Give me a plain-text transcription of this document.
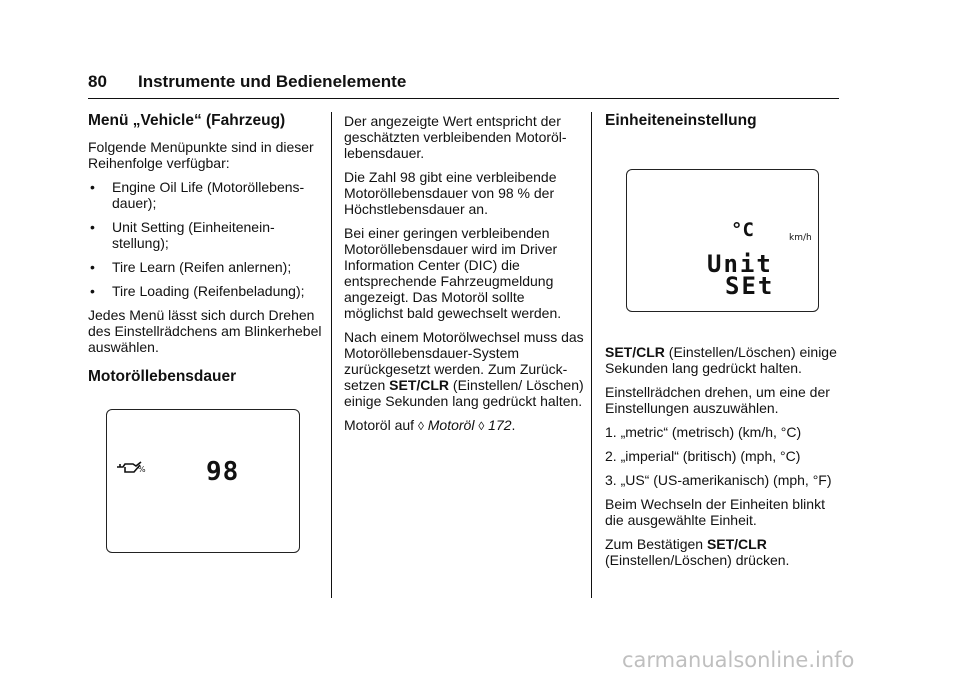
80 Instrumente und Bedienelemente
Menü „Vehicle“ (Fahrzeug)

Folgende Menüpunkte sind in dieser Reihenfolge verfügbar:

•	Engine Oil Life (Motoröllebensdauer);
•	Unit Setting (Einheiteneinstellung);
•	Tire Learn (Reifen anlernen);
•	Tire Loading (Reifenbeladung);

Jedes Menü lässt sich durch Drehen des Einstellrädchens am Blinkerhebel auswählen.

Motoröllebensdauer
% 98

Der angezeigte Wert entspricht der geschätzten verbleibenden Motoröllebensdauer.

Die Zahl 98 gibt eine verbleibende Motoröllebensdauer von 98 % der Höchstlebensdauer an.

Bei einer geringen verbleibenden Motoröllebensdauer wird im Driver Information Center (DIC) die entsprechende Fahrzeugmeldung angezeigt. Das Motoröl sollte möglichst bald gewechselt werden.

Nach einem Motorölwechsel muss das Motoröllebensdauer-System zurückgesetzt werden. Zum Zurücksetzen SET/CLR (Einstellen/ Löschen) einige Sekunden lang gedrückt halten.

Motoröl auf ◊ Motoröl ◊ 172.

Einheiteneinstellung
°C	km/h
Unit
SEt

SET/CLR (Einstellen/Löschen) einige Sekunden lang gedrückt halten.

Einstellrädchen drehen, um eine der Einstellungen auszuwählen.

1. „metric“ (metrisch) (km/h, °C)

2. „imperial“ (britisch) (mph, °C)

3. „US“ (US-amerikanisch) (mph, °F)

Beim Wechseln der Einheiten blinkt die ausgewählte Einheit.

Zum Bestätigen SET/CLR (Einstellen/Löschen) drücken.

carmanualsonline.info
